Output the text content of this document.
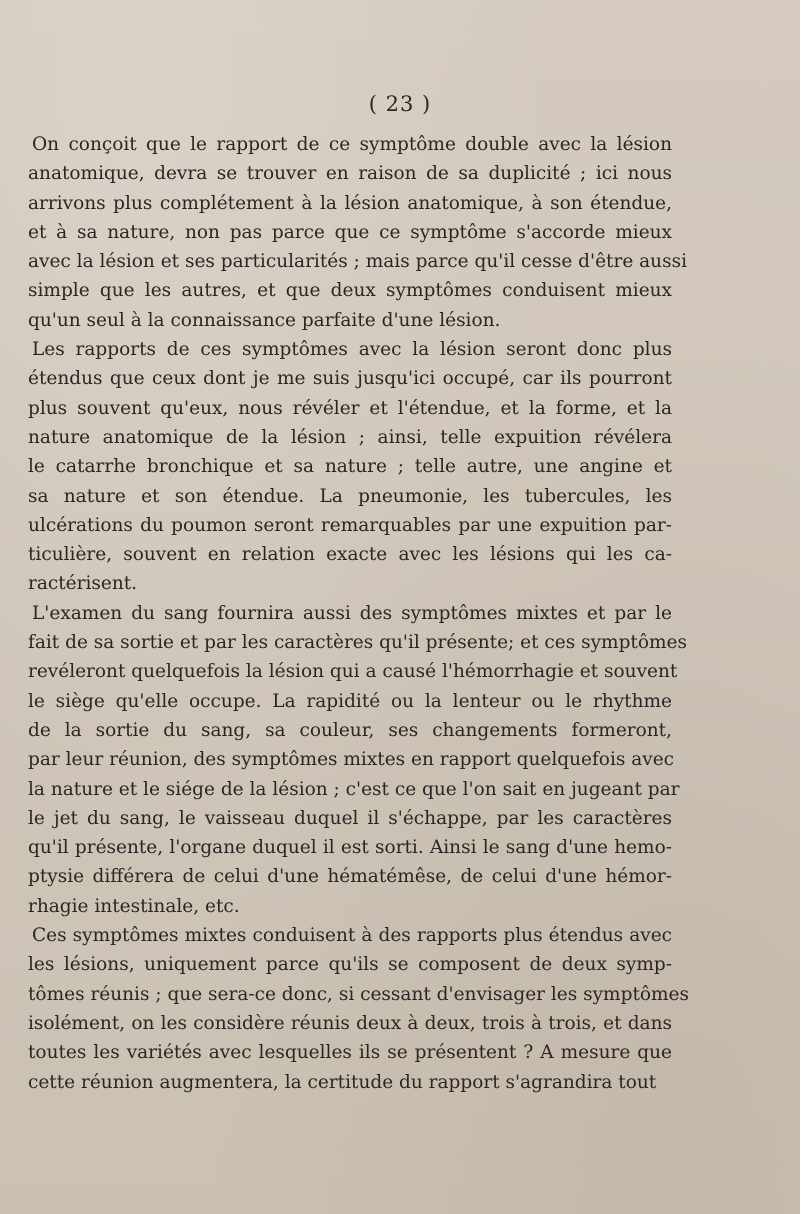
( 23 )
On conçoit que le rapport de ce symptôme double avec la lésion
anatomique, devra se trouver en raison de sa duplicité ; ici nous
arrivons plus complétement à la lésion anatomique, à son étendue,
et à sa nature, non pas parce que ce symptôme s'accorde mieux
avec la lésion et ses particularités ; mais parce qu'il cesse d'être aussi
simple que les autres, et que deux symptômes conduisent mieux
qu'un seul à la connaissance parfaite d'une lésion.
Les rapports de ces symptômes avec la lésion seront donc plus
étendus que ceux dont je me suis jusqu'ici occupé, car ils pourront
plus souvent qu'eux, nous révéler et l'étendue, et la forme, et la
nature anatomique de la lésion ; ainsi, telle expuition révélera
le catarrhe bronchique et sa nature ; telle autre, une angine et
sa nature et son étendue. La pneumonie, les tubercules, les
ulcérations du poumon seront remarquables par une expuition par-
ticulière, souvent en relation exacte avec les lésions qui les ca-
ractérisent.
L'examen du sang fournira aussi des symptômes mixtes et par le
fait de sa sortie et par les caractères qu'il présente; et ces symptômes
revéleront quelquefois la lésion qui a causé l'hémorrhagie et souvent
le siège qu'elle occupe. La rapidité ou la lenteur ou le rhythme
de la sortie du sang, sa couleur, ses changements formeront,
par leur réunion, des symptômes mixtes en rapport quelquefois avec
la nature et le siége de la lésion ; c'est ce que l'on sait en jugeant par
le jet du sang, le vaisseau duquel il s'échappe, par les caractères
qu'il présente, l'organe duquel il est sorti. Ainsi le sang d'une hemo-
ptysie différera de celui d'une hématémêse, de celui d'une hémor-
rhagie intestinale, etc.
Ces symptômes mixtes conduisent à des rapports plus étendus avec
les lésions, uniquement parce qu'ils se composent de deux symp-
tômes réunis ; que sera-ce donc, si cessant d'envisager les symptômes
isolément, on les considère réunis deux à deux, trois à trois, et dans
toutes les variétés avec lesquelles ils se présentent ? A mesure que
cette réunion augmentera, la certitude du rapport s'agrandira tout
